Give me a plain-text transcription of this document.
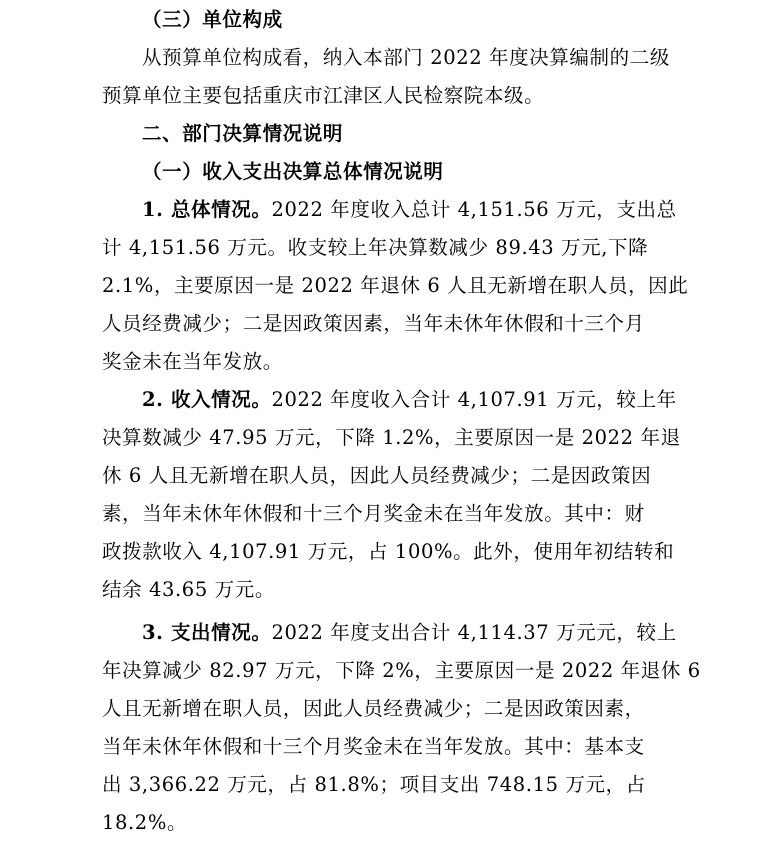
（三）单位构成
从预算单位构成看，纳入本部门 2022 年度决算编制的二级
预算单位主要包括重庆市江津区人民检察院本级。
二、部门决算情况说明
（一）收入支出决算总体情况说明
1. 总体情况。2022 年度收入总计 4,151.56 万元，支出总
计 4,151.56 万元。收支较上年决算数减少 89.43 万元,下降
2.1%，主要原因一是 2022 年退休 6 人且无新增在职人员，因此
人员经费减少；二是因政策因素，当年未休年休假和十三个月
奖金未在当年发放。
2. 收入情况。2022 年度收入合计 4,107.91 万元，较上年
决算数减少 47.95 万元，下降 1.2%，主要原因一是 2022 年退
休 6 人且无新增在职人员，因此人员经费减少；二是因政策因
素，当年未休年休假和十三个月奖金未在当年发放。其中：财
政拨款收入 4,107.91 万元，占 100%。此外，使用年初结转和
结余 43.65 万元。
3. 支出情况。2022 年度支出合计 4,114.37 万元元，较上
年决算减少 82.97 万元，下降 2%，主要原因一是 2022 年退休 6
人且无新增在职人员，因此人员经费减少；二是因政策因素，
当年未休年休假和十三个月奖金未在当年发放。其中：基本支
出 3,366.22 万元，占 81.8%；项目支出 748.15 万元，占
18.2%。
